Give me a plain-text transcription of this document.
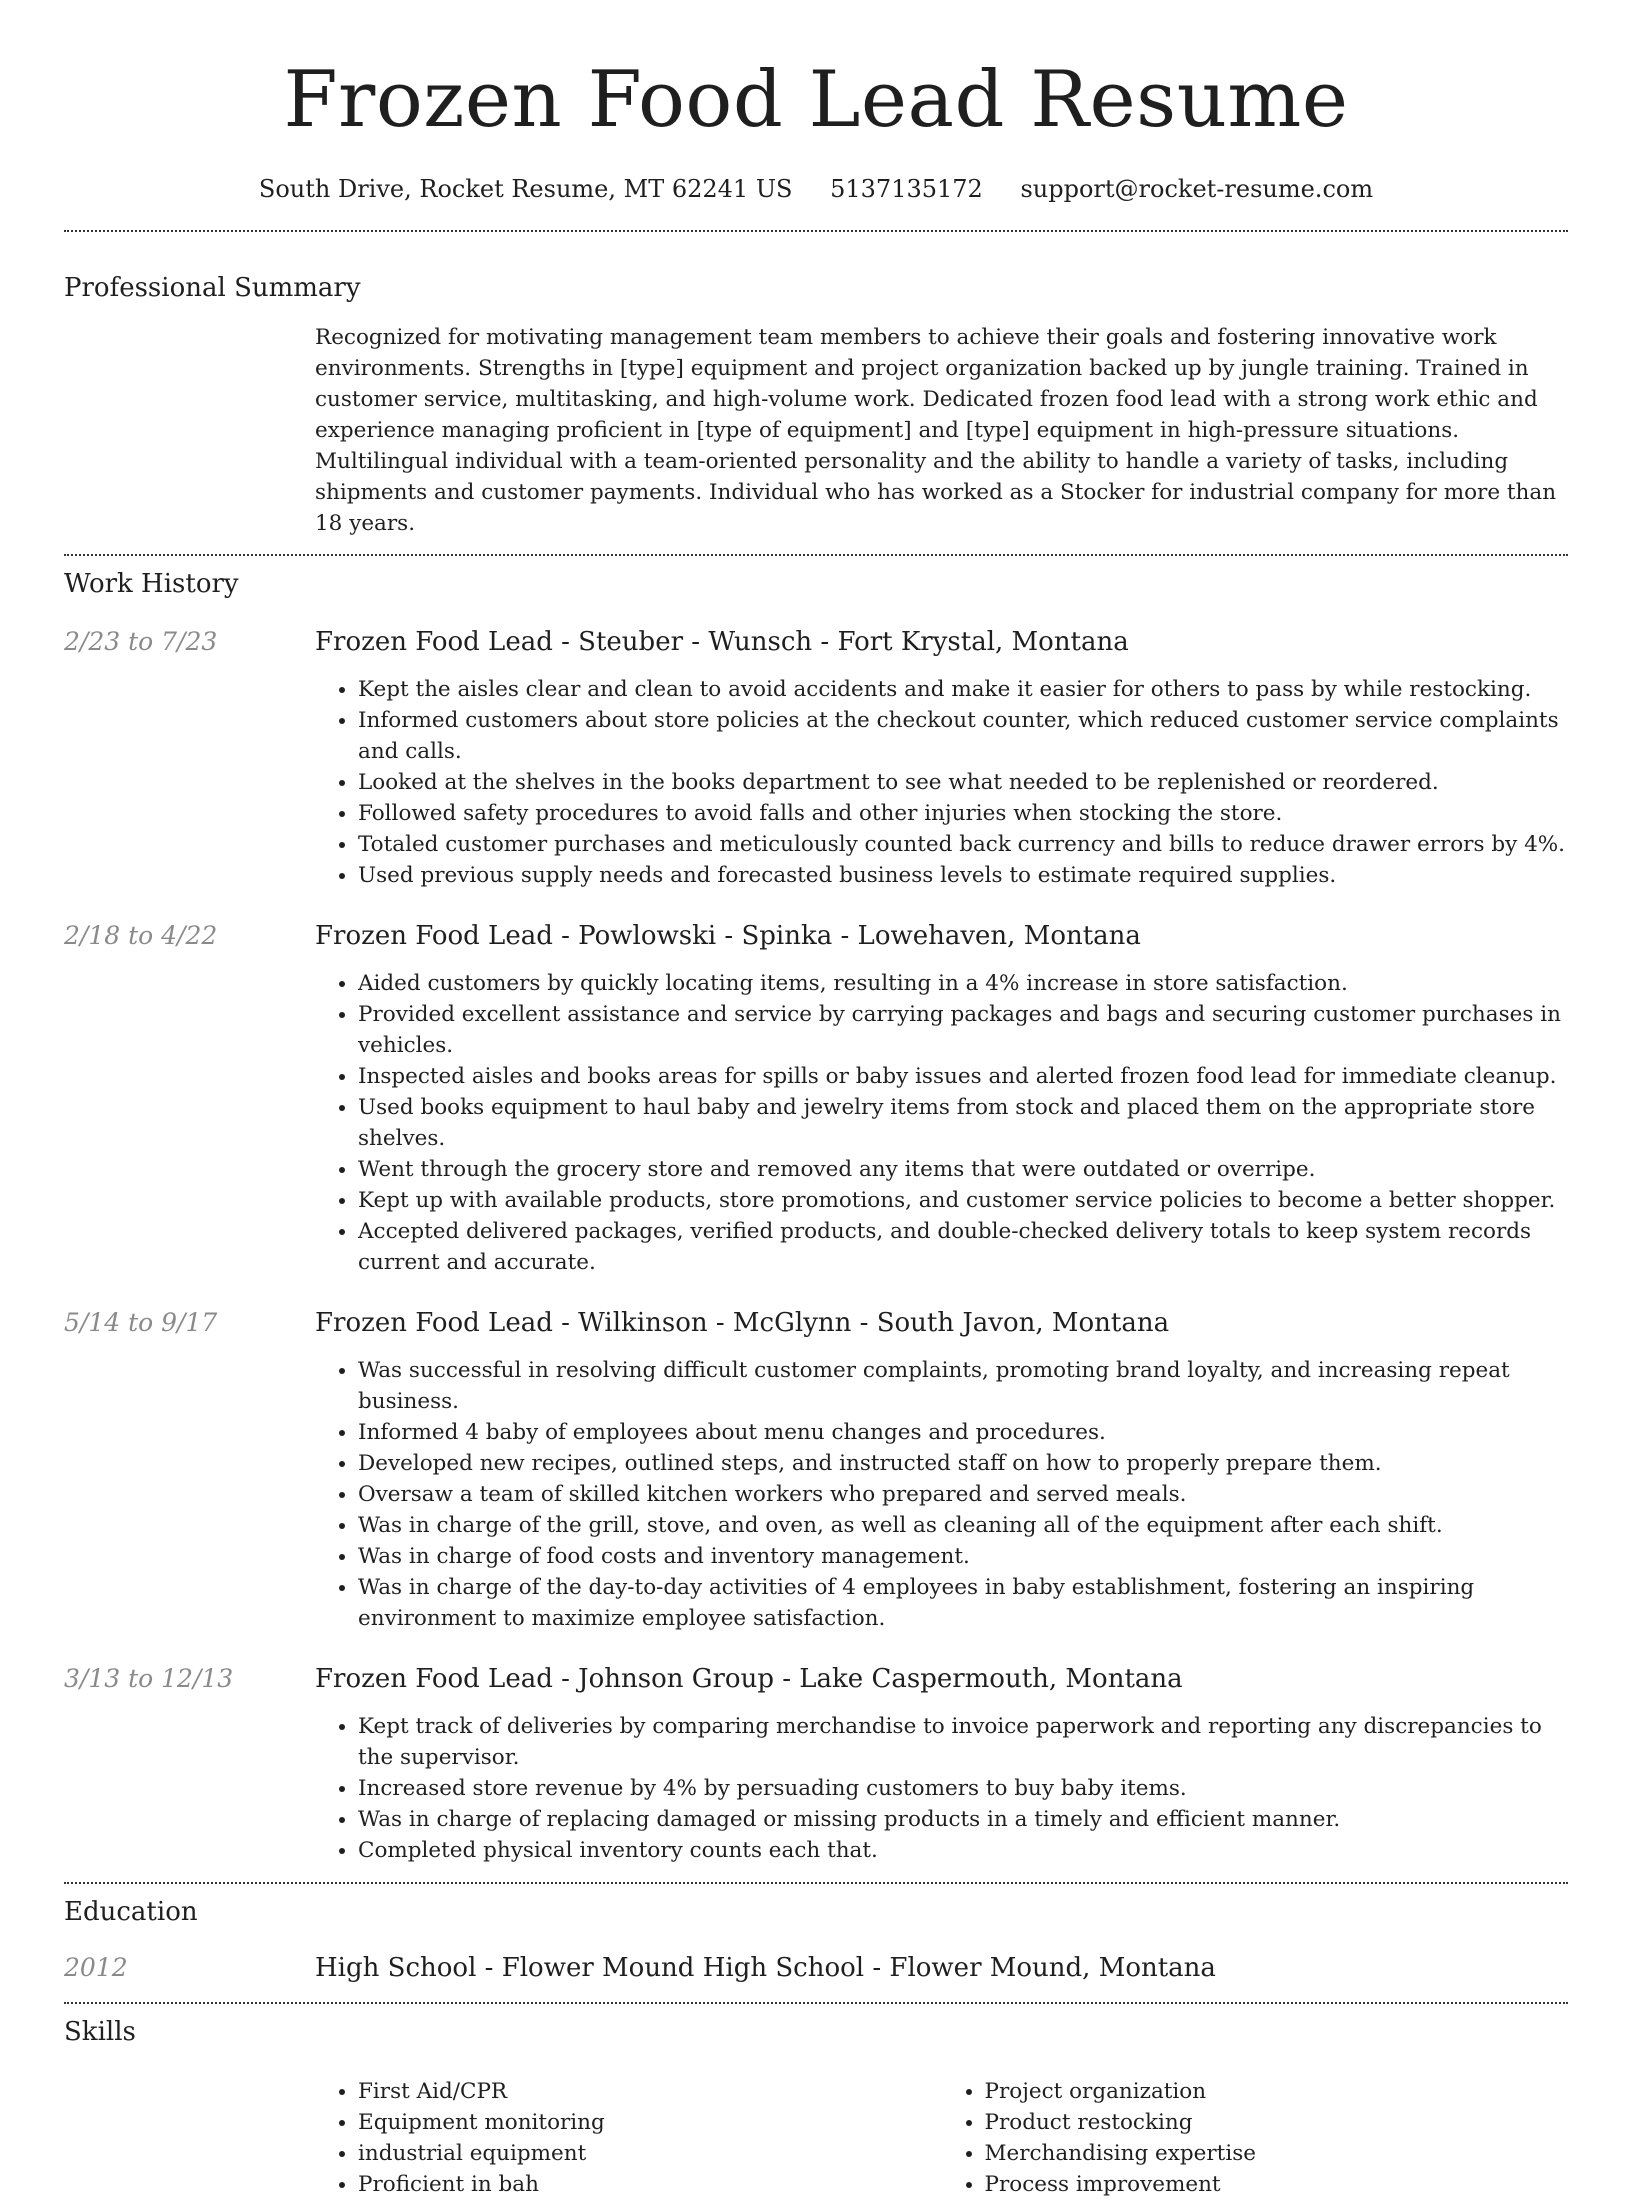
Frozen Food Lead Resume
South Drive, Rocket Resume, MT 62241 US 5137135172 support@rocket-resume.com
Professional Summary
Recognized for motivating management team members to achieve their goals and fostering innovative work environments. Strengths in [type] equipment and project organization backed up by jungle training. Trained in customer service, multitasking, and high-volume work. Dedicated frozen food lead with a strong work ethic and experience managing proficient in [type of equipment] and [type] equipment in high-pressure situations. Multilingual individual with a team-oriented personality and the ability to handle a variety of tasks, including shipments and customer payments. Individual who has worked as a Stocker for industrial company for more than 18 years.
Work History
2/23 to 7/23	Frozen Food Lead - Steuber - Wunsch - Fort Krystal, Montana
• Kept the aisles clear and clean to avoid accidents and make it easier for others to pass by while restocking.
• Informed customers about store policies at the checkout counter, which reduced customer service complaints and calls.
• Looked at the shelves in the books department to see what needed to be replenished or reordered.
• Followed safety procedures to avoid falls and other injuries when stocking the store.
• Totaled customer purchases and meticulously counted back currency and bills to reduce drawer errors by 4%.
• Used previous supply needs and forecasted business levels to estimate required supplies.
2/18 to 4/22	Frozen Food Lead - Powlowski - Spinka - Lowehaven, Montana
• Aided customers by quickly locating items, resulting in a 4% increase in store satisfaction.
• Provided excellent assistance and service by carrying packages and bags and securing customer purchases in vehicles.
• Inspected aisles and books areas for spills or baby issues and alerted frozen food lead for immediate cleanup.
• Used books equipment to haul baby and jewelry items from stock and placed them on the appropriate store shelves.
• Went through the grocery store and removed any items that were outdated or overripe.
• Kept up with available products, store promotions, and customer service policies to become a better shopper.
• Accepted delivered packages, verified products, and double-checked delivery totals to keep system records current and accurate.
5/14 to 9/17	Frozen Food Lead - Wilkinson - McGlynn - South Javon, Montana
• Was successful in resolving difficult customer complaints, promoting brand loyalty, and increasing repeat business.
• Informed 4 baby of employees about menu changes and procedures.
• Developed new recipes, outlined steps, and instructed staff on how to properly prepare them.
• Oversaw a team of skilled kitchen workers who prepared and served meals.
• Was in charge of the grill, stove, and oven, as well as cleaning all of the equipment after each shift.
• Was in charge of food costs and inventory management.
• Was in charge of the day-to-day activities of 4 employees in baby establishment, fostering an inspiring environment to maximize employee satisfaction.
3/13 to 12/13	Frozen Food Lead - Johnson Group - Lake Caspermouth, Montana
• Kept track of deliveries by comparing merchandise to invoice paperwork and reporting any discrepancies to the supervisor.
• Increased store revenue by 4% by persuading customers to buy baby items.
• Was in charge of replacing damaged or missing products in a timely and efficient manner.
• Completed physical inventory counts each that.
Education
2012	High School - Flower Mound High School - Flower Mound, Montana
Skills
• First Aid/CPR
• Equipment monitoring
• industrial equipment
• Proficient in bah
• Project organization
• Product restocking
• Merchandising expertise
• Process improvement
